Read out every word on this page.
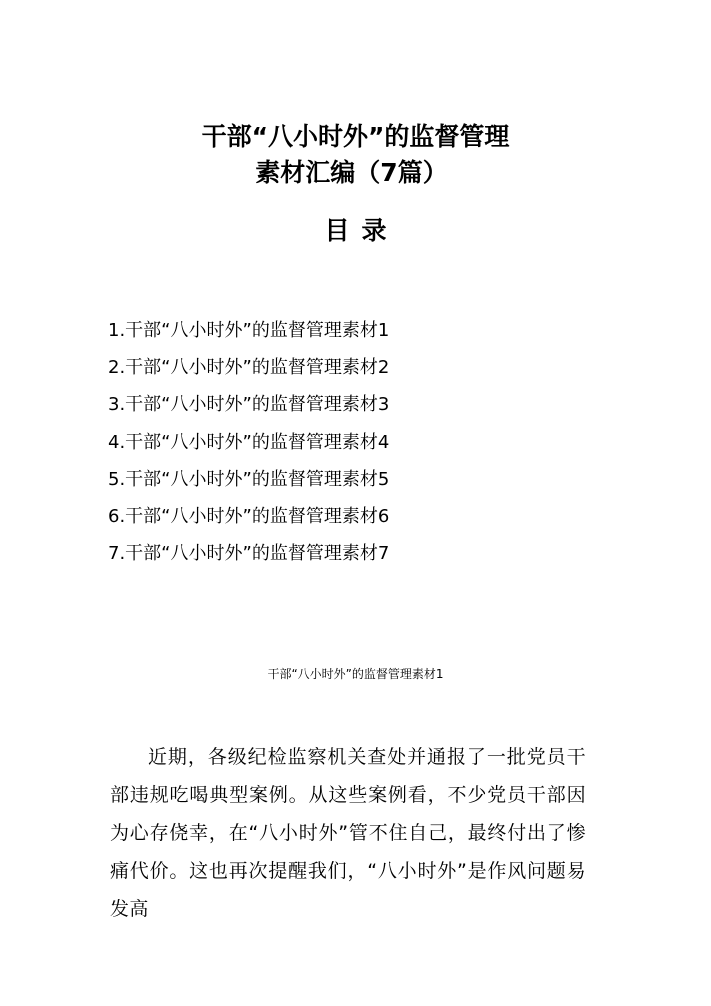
干部“八小时外”的监督管理
素材汇编（7篇）
目录
1.干部“八小时外”的监督管理素材1
2.干部“八小时外”的监督管理素材2
3.干部“八小时外”的监督管理素材3
4.干部“八小时外”的监督管理素材4
5.干部“八小时外”的监督管理素材5
6.干部“八小时外”的监督管理素材6
7.干部“八小时外”的监督管理素材7
干部“八小时外”的监督管理素材1

近期，各级纪检监察机关查处并通报了一批党员干部违规吃喝典型案例。从这些案例看，不少党员干部因为心存侥幸，在“八小时外”管不住自己，最终付出了惨痛代价。这也再次提醒我们，“八小时外”是作风问题易发高
